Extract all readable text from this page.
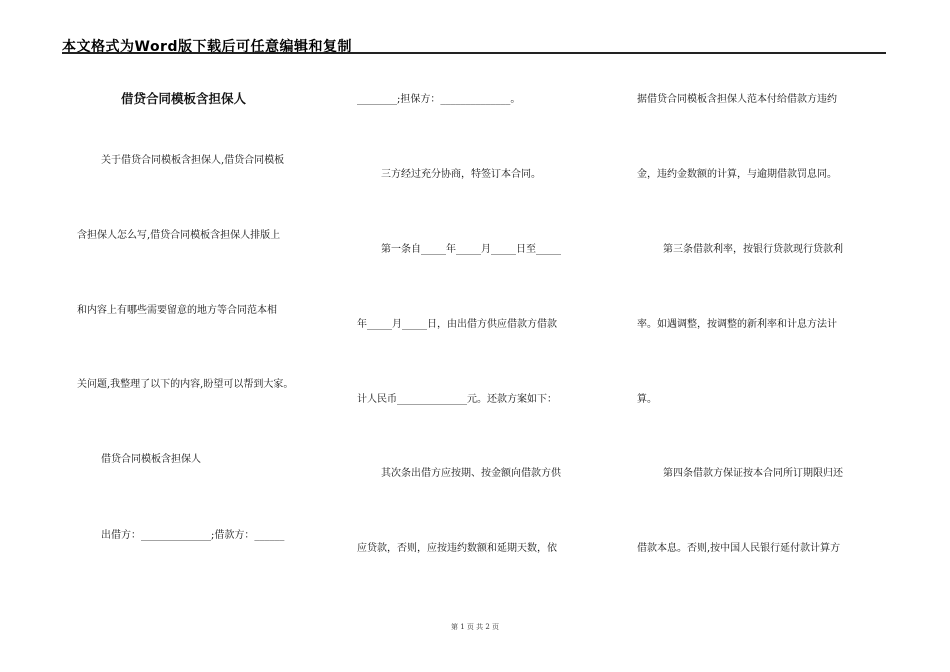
本文格式为Word版下载后可任意编辑和复制
借贷合同模板含担保人
关于借贷合同模板含担保人,借贷合同模板
含担保人怎么写,借贷合同模板含担保人排版上
和内容上有哪些需要留意的地方等合同范本相
关问题,我整理了以下的内容,盼望可以帮到大家。
借贷合同模板含担保人
出借方：______________;借款方：______
________;担保方：______________。
三方经过充分协商，特签订本合同。
第一条自_____年_____月_____日至_____
年_____月_____日，由出借方供应借款方借款
计人民币______________元。还款方案如下：
其次条出借方应按期、按金额向借款方供
应贷款，否则，应按违约数额和延期天数，依
据借贷合同模板含担保人范本付给借款方违约
金，违约金数额的计算，与逾期借款罚息同。
第三条借款利率，按银行贷款现行贷款利
率。如遇调整，按调整的新利率和计息方法计
算。
第四条借款方保证按本合同所订期限归还
借款本息。否则,按中国人民银行延付款计算方
第 1 页 共 2 页
